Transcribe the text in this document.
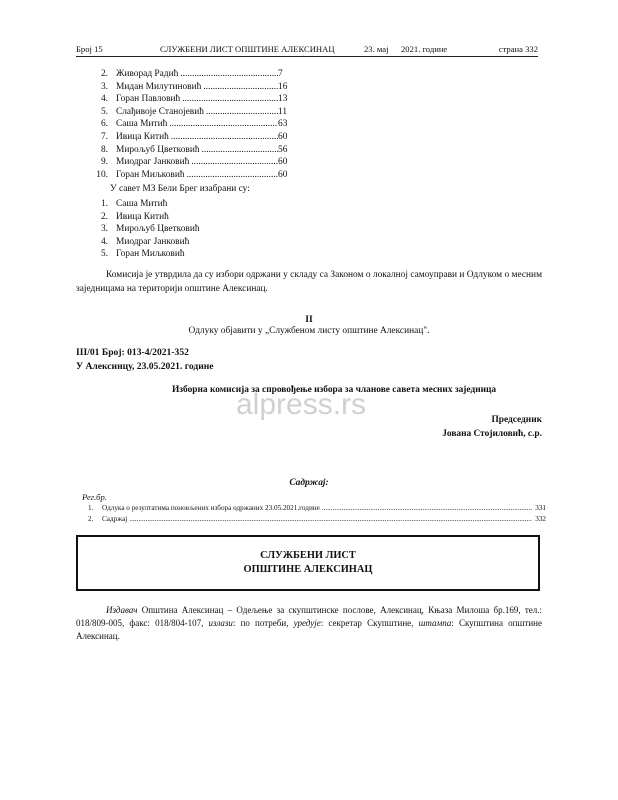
Број 15	СЛУЖБЕНИ ЛИСТ ОПШТИНЕ АЛЕКСИНАЦ	23. мај 2021. године	страна 332
2. Живорад Радић .....	7
3. Мидан Милутиновић .....	16
4. Горан Павловић .....	13
5. Слађивоје Станојевић .....	11
6. Саша Митић .....	63
7. Ивица Китић .....	60
8. Мирољуб Цветковић .....	56
9. Миодраг Јанковић .....	60
10. Горан Миљковић .....	60
У савет МЗ Бели Брег изабрани су:
1. Саша Митић
2. Ивица Китић
3. Мирољуб Цветковић
4. Миодраг Јанковић
5. Горан Миљковић
Комисија је утврдила да су избори одржани у складу са Законом о локалној самоуправи и Одлуком о месним заједницама на територији општине Алексинац.
II
Одлуку објавити у „Службеном листу општине Алексинац".
III/01 Број: 013-4/2021-352
У Алексинцу, 23.05.2021. године
Изборна комисија за спровођење избора за чланове савета месних заједница
alpress.rs	Председник
Јована Стојиловић, с.р.
Садржај:
Рег.бр.
1.	Одлука о резултатима поновљених избора одржаних 23.05.2021.године .....	331
2.	Садржај .....	332
СЛУЖБЕНИ ЛИСТ
ОПШТИНЕ АЛЕКСИНАЦ
Издавач Општина Алексинац – Одељење за скупштинске послове, Алексинац, Књаза Милоша бр.169, тел.: 018/809-005, факс: 018/804-107, излази: по потреби, уредује: секретар Скупштине, штампа: Скупштина општине Алексинац.
